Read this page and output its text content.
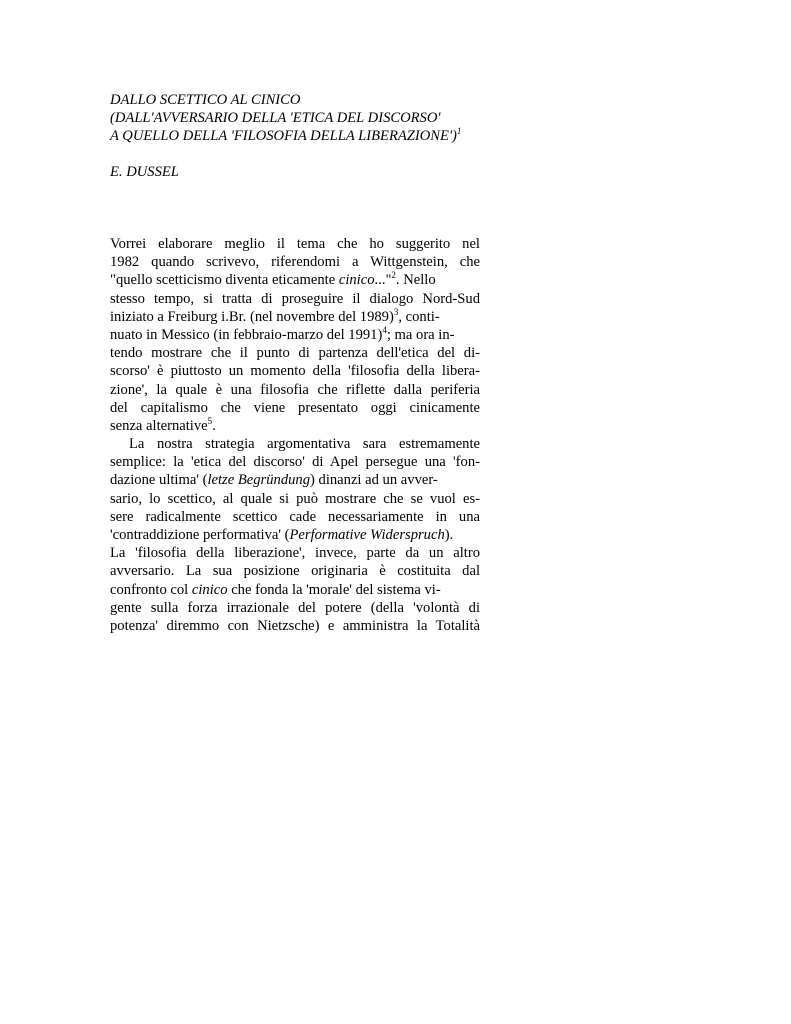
DALLO SCETTICO AL CINICO
(DALL'AVVERSARIO DELLA 'ETICA DEL DISCORSO'
A QUELLO DELLA 'FILOSOFIA DELLA LIBERAZIONE')$^1$
E. DUSSEL
Vorrei elaborare meglio il tema che ho suggerito nel
1982 quando scrivevo, riferendomi a Wittgenstein, che
"quello scetticismo diventa eticamente cinico..."$^2$. Nello
stesso tempo, si tratta di proseguire il dialogo Nord-Sud
iniziato a Freiburg i.Br. (nel novembre del 1989)$^3$, conti-
nuato in Messico (in febbraio-marzo del 1991)$^4$; ma ora in-
tendo mostrare che il punto di partenza dell'etica del di-
scorso' è piuttosto un momento della 'filosofia della libera-
zione', la quale è una filosofia che riflette dalla periferia
del capitalismo che viene presentato oggi cinicamente
senza alternative$^5$.
La nostra strategia argomentativa sara estremamente
semplice: la 'etica del discorso' di Apel persegue una 'fon-
dazione ultima' (letze Begründung) dinanzi ad un avver-
sario, lo scettico, al quale si può mostrare che se vuol es-
sere radicalmente scettico cade necessariamente in una
'contraddizione performativa' (Performative Widerspruch).
La 'filosofia della liberazione', invece, parte da un altro
avversario. La sua posizione originaria è costituita dal
confronto col cinico che fonda la 'morale' del sistema vi-
gente sulla forza irrazionale del potere (della 'volontà di
potenza' diremmo con Nietzsche) e amministra la Totalità
